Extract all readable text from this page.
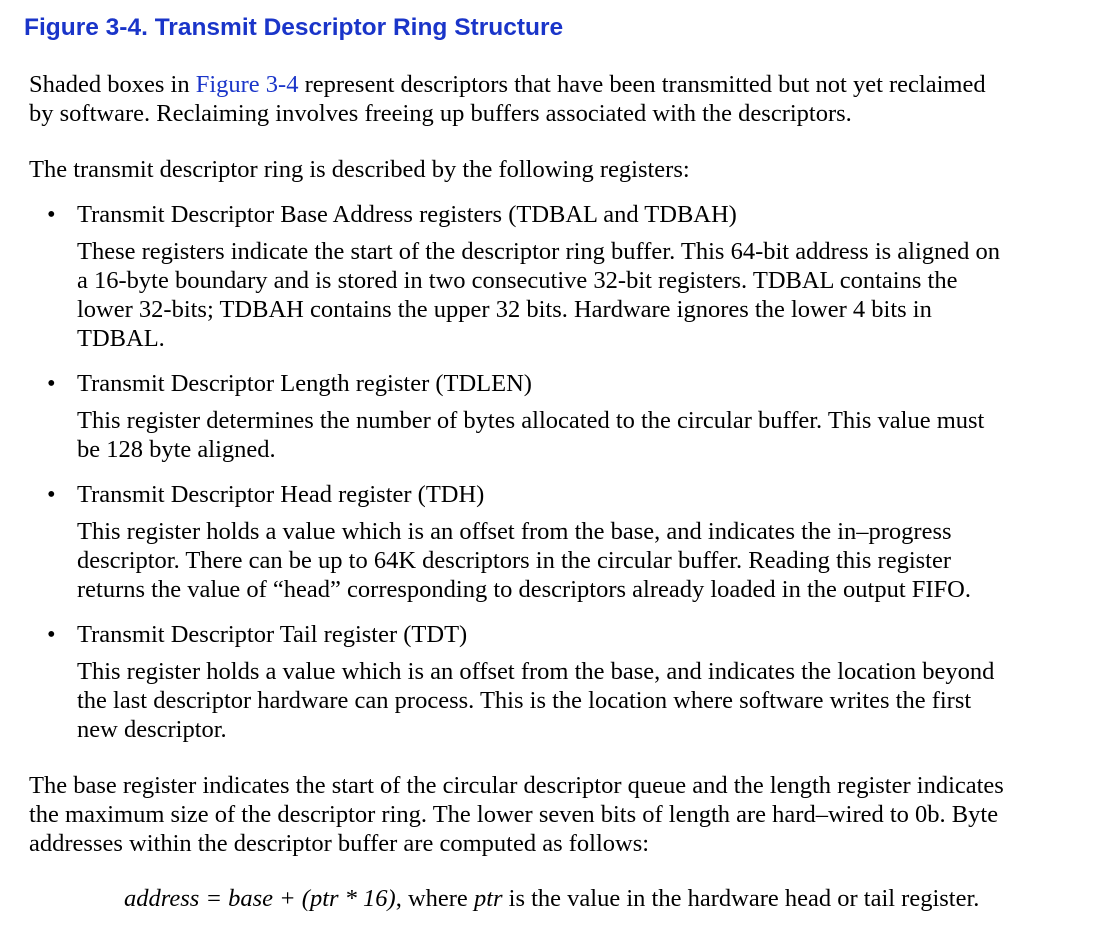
Figure 3-4. Transmit Descriptor Ring Structure

Shaded boxes in Figure 3-4 represent descriptors that have been transmitted but not yet reclaimed
by software. Reclaiming involves freeing up buffers associated with the descriptors.

The transmit descriptor ring is described by the following registers:

• Transmit Descriptor Base Address registers (TDBAL and TDBAH)

These registers indicate the start of the descriptor ring buffer. This 64-bit address is aligned on
a 16-byte boundary and is stored in two consecutive 32-bit registers. TDBAL contains the
lower 32-bits; TDBAH contains the upper 32 bits. Hardware ignores the lower 4 bits in
TDBAL.

• Transmit Descriptor Length register (TDLEN)

This register determines the number of bytes allocated to the circular buffer. This value must
be 128 byte aligned.

• Transmit Descriptor Head register (TDH)

This register holds a value which is an offset from the base, and indicates the in–progress
descriptor. There can be up to 64K descriptors in the circular buffer. Reading this register
returns the value of “head” corresponding to descriptors already loaded in the output FIFO.

• Transmit Descriptor Tail register (TDT)

This register holds a value which is an offset from the base, and indicates the location beyond
the last descriptor hardware can process. This is the location where software writes the first
new descriptor.

The base register indicates the start of the circular descriptor queue and the length register indicates
the maximum size of the descriptor ring. The lower seven bits of length are hard–wired to 0b. Byte
addresses within the descriptor buffer are computed as follows:

address = base + (ptr * 16), where ptr is the value in the hardware head or tail register.
